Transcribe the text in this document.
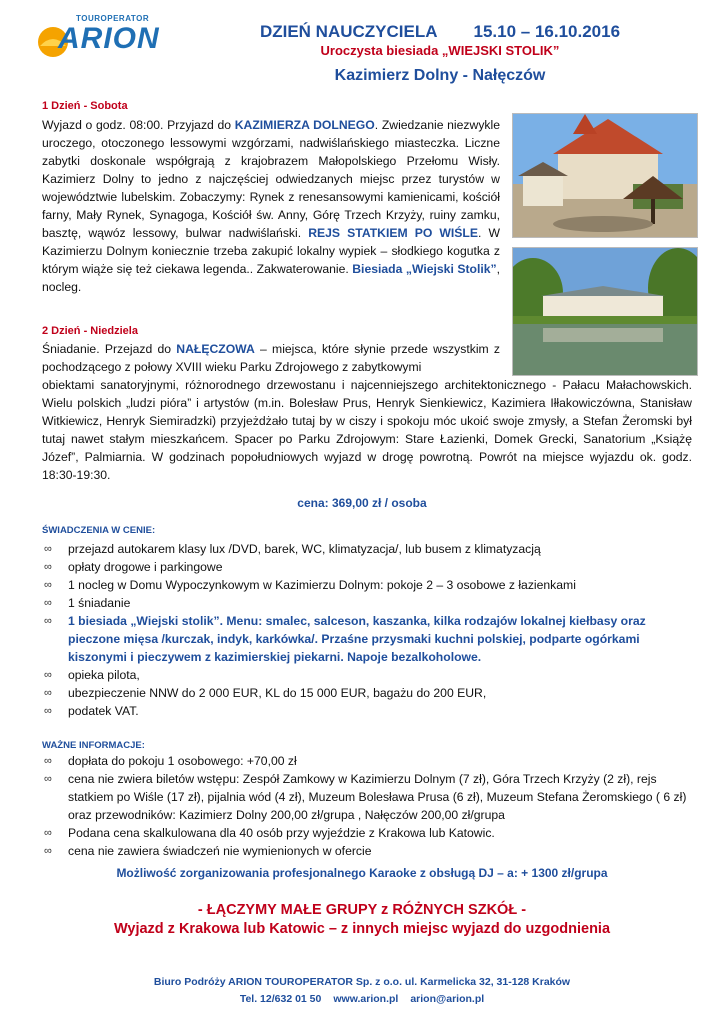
TOUROPERATOR
ARION	DZIEŃ NAUCZYCIELA 15.10 – 16.10.2016
Uroczysta biesiada „WIEJSKI STOLIK”
Kazimierz Dolny - Nałęczów
1 Dzień - Sobota
Wyjazd o godz. 08:00. Przyjazd do KAZIMIERZA DOLNEGO. Zwiedzanie niezwykle uroczego, otoczonego lessowymi wzgórzami, nadwiślańskiego miasteczka. Liczne zabytki doskonale współgrają z krajobrazem Małopolskiego Przełomu Wisły. Kazimierz Dolny to jedno z najczęściej odwiedzanych miejsc przez turystów w województwie lubelskim. Zobaczymy: Rynek z renesansowymi kamienicami, kościół farny, Mały Rynek, Synagoga, Kościół św. Anny, Górę Trzech Krzyży, ruiny zamku, basztę, wąwóz lessowy, bulwar nadwiślański. REJS STATKIEM PO WIŚLE. W Kazimierzu Dolnym koniecznie trzeba zakupić lokalny wypiek – słodkiego kogutka z którym wiąże się też ciekawa legenda.. Zakwaterowanie. Biesiada „Wiejski Stolik”, nocleg.
2 Dzień - Niedziela
Śniadanie. Przejazd do NAŁĘCZOWA – miejsca, które słynie przede wszystkim z pochodzącego z połowy XVIII wieku Parku Zdrojowego z zabytkowymi
obiektami sanatoryjnymi, różnorodnego drzewostanu i najcenniejszego architektonicznego - Pałacu Małachowskich. Wielu polskich „ludzi pióra” i artystów (m.in. Bolesław Prus, Henryk Sienkiewicz, Kazimiera Iłłakowiczówna, Stanisław Witkiewicz, Henryk Siemiradzki) przyjeżdżało tutaj by w ciszy i spokoju móc ukoić swoje zmysły, a Stefan Żeromski był tutaj nawet stałym mieszkańcem. Spacer po Parku Zdrojowym: Stare Łazienki, Domek Grecki, Sanatorium „Książę Józef”, Palmiarnia. W godzinach popołudniowych wyjazd w drogę powrotną. Powrót na miejsce wyjazdu ok. godz. 18:30-19:30.
cena: 369,00 zł / osoba
ŚWIADCZENIA W CENIE:
∞ przejazd autokarem klasy lux /DVD, barek, WC, klimatyzacja/, lub busem z klimatyzacją
∞ opłaty drogowe i parkingowe
∞ 1 nocleg w Domu Wypoczynkowym w Kazimierzu Dolnym: pokoje 2 – 3 osobowe z łazienkami
∞ 1 śniadanie
∞ 1 biesiada „Wiejski stolik”. Menu: smalec, salceson, kaszanka, kilka rodzajów lokalnej kiełbasy oraz pieczone mięsa /kurczak, indyk, karkówka/. Przaśne przysmaki kuchni polskiej, podparte ogórkami kiszonymi i pieczywem z kazimierskiej piekarni. Napoje bezalkoholowe.
∞ opieka pilota,
∞ ubezpieczenie NNW do 2 000 EUR, KL do 15 000 EUR, bagażu do 200 EUR,
∞ podatek VAT.
WAŻNE INFORMACJE:
∞ dopłata do pokoju 1 osobowego: +70,00 zł
∞ cena nie zwiera biletów wstępu: Zespół Zamkowy w Kazimierzu Dolnym (7 zł), Góra Trzech Krzyży (2 zł), rejs statkiem po Wiśle (17 zł), pijalnia wód (4 zł), Muzeum Bolesława Prusa (6 zł), Muzeum Stefana Żeromskiego ( 6 zł) oraz przewodników: Kazimierz Dolny 200,00 zł/grupa , Nałęczów 200,00 zł/grupa
∞ Podana cena skalkulowana dla 40 osób przy wyjeździe z Krakowa lub Katowic.
∞ cena nie zawiera świadczeń nie wymienionych w ofercie
Możliwość zorganizowania profesjonalnego Karaoke z obsługą DJ – a: + 1300 zł/grupa
- ŁĄCZYMY MAŁE GRUPY z RÓŻNYCH SZKÓŁ -
Wyjazd z Krakowa lub Katowic – z innych miejsc wyjazd do uzgodnienia
Biuro Podróży ARION TOUROPERATOR Sp. z o.o. ul. Karmelicka 32, 31-128 Kraków
Tel. 12/632 01 50 www.arion.pl arion@arion.pl
